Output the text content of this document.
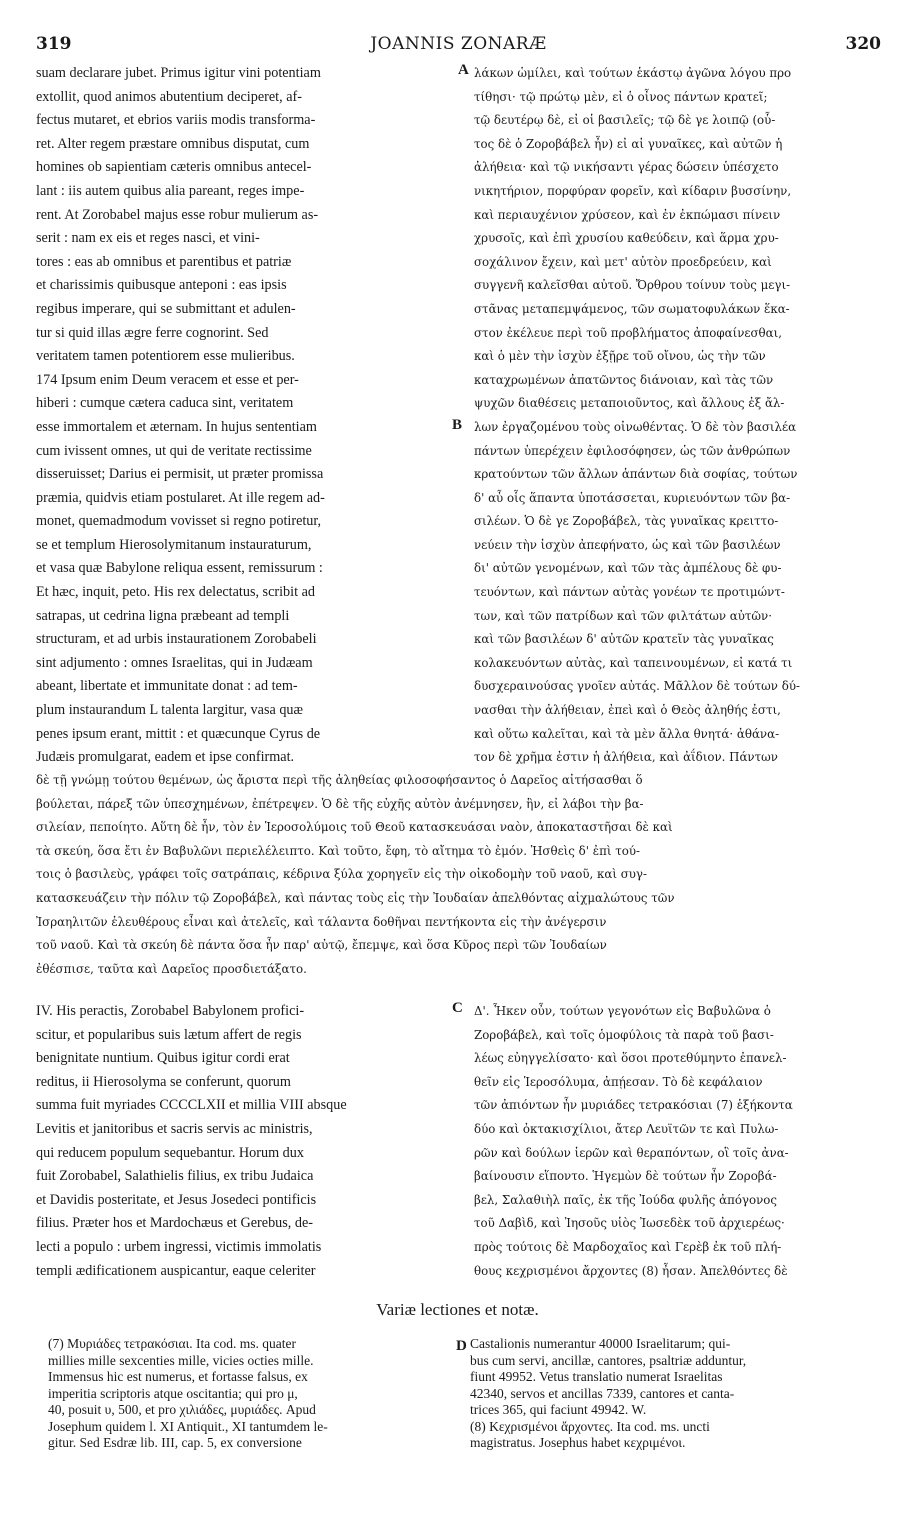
319	JOANNIS ZONARÆ	320
A
B
C
D
suam declarare jubet. Primus igitur vini potentiam
extollit, quod animos abutentium deciperet, af-
fectus mutaret, et ebrios variis modis transforma-
ret. Alter regem præstare omnibus disputat, cum
homines ob sapientiam cæteris omnibus antecel-
lant : iis autem quibus alia pareant, reges impe-
rent. At Zorobabel majus esse robur mulierum as-
serit : nam ex eis et reges nasci, et vini-
tores : eas ab omnibus et parentibus et patriæ
et charissimis quibusque anteponi : eas ipsis
regibus imperare, qui se submittant et adulen-
tur si quid illas ægre ferre cognorint. Sed
veritatem tamen potentiorem esse mulieribus.
174 Ipsum enim Deum veracem et esse et per-
hiberi : cumque cætera caduca sint, veritatem
esse immortalem et æternam. In hujus sententiam
cum ivissent omnes, ut qui de veritate rectissime
disseruisset; Darius ei permisit, ut præter promissa
præmia, quidvis etiam postularet. At ille regem ad-
monet, quemadmodum vovisset si regno potiretur,
se et templum Hierosolymitanum instauraturum,
et vasa quæ Babylone reliqua essent, remissurum :
Et hæc, inquit, peto. His rex delectatus, scribit ad
satrapas, ut cedrina ligna præbeant ad templi
structuram, et ad urbis instaurationem Zorobabeli
sint adjumento : omnes Israelitas, qui in Judæam
abeant, libertate et immunitate donat : ad tem-
plum instaurandum L talenta largitur, vasa quæ
penes ipsum erant, mittit : et quæcunque Cyrus de
Judæis promulgarat, eadem et ipse confirmat.
λάκων ὡμίλει, καὶ τούτων ἑκάστῳ ἀγῶνα λόγου προ
τίθησι· τῷ πρώτῳ μὲν, εἰ ὁ οἶνος πάντων κρατεῖ;
τῷ δευτέρῳ δὲ, εἰ οἱ βασιλεῖς; τῷ δὲ γε λοιπῷ (οὗ-
τος δὲ ὁ Ζοροβάβελ ἦν) εἰ αἱ γυναῖκες, καὶ αὐτῶν ἡ
ἀλήθεια· καὶ τῷ νικήσαντι γέρας δώσειν ὑπέσχετο
νικητήριον, πορφύραν φορεῖν, καὶ κίδαριν βυσσίνην,
καὶ περιαυχένιον χρύσεον, καὶ ἐν ἐκπώμασι πίνειν
χρυσοῖς, καὶ ἐπὶ χρυσίου καθεύδειν, καὶ ἅρμα χρυ-
σοχάλινον ἔχειν, καὶ μετ' αὐτὸν προεδρεύειν, καὶ
συγγενῆ καλεῖσθαι αὐτοῦ. Ὄρθρου τοίνυν τοὺς μεγι-
στᾶνας μεταπεμψάμενος, τῶν σωματοφυλάκων ἕκα-
στον ἐκέλευε περὶ τοῦ προβλήματος ἀποφαίνεσθαι,
καὶ ὁ μὲν τὴν ἰσχὺν ἐξῇρε τοῦ οἴνου, ὡς τὴν τῶν
καταχρωμένων ἀπατῶντος διάνοιαν, καὶ τὰς τῶν
ψυχῶν διαθέσεις μεταποιοῦντος, καὶ ἄλλους ἐξ ἄλ-
λων ἐργαζομένου τοὺς οἰνωθέντας. Ὁ δὲ τὸν βασιλέα
πάντων ὑπερέχειν ἐφιλοσόφησεν, ὡς τῶν ἀνθρώπων
κρατούντων τῶν ἄλλων ἁπάντων διὰ σοφίας, τούτων
δ' αὖ οἷς ἅπαντα ὑποτάσσεται, κυριευόντων τῶν βα-
σιλέων. Ὁ δὲ γε Ζοροβάβελ, τὰς γυναῖκας κρειττο-
νεύειν τὴν ἰσχὺν ἀπεφήνατο, ὡς καὶ τῶν βασιλέων
δι' αὐτῶν γενομένων, καὶ τῶν τὰς ἀμπέλους δὲ φυ-
τευόντων, καὶ πάντων αὐτὰς γονέων τε προτιμώντ-
των, καὶ τῶν πατρίδων καὶ τῶν φιλτάτων αὐτῶν·
καὶ τῶν βασιλέων δ' αὐτῶν κρατεῖν τὰς γυναῖκας
κολακευόντων αὐτὰς, καὶ ταπεινουμένων, εἰ κατά τι
δυσχεραινούσας γνοῖεν αὐτάς. Μᾶλλον δὲ τούτων δύ-
νασθαι τὴν ἀλήθειαν, ἐπεὶ καὶ ὁ Θεὸς ἀληθής ἐστι,
καὶ οὕτω καλεῖται, καὶ τὰ μὲν ἄλλα θνητά· ἀθάνα-
τον δὲ χρῆμα ἐστιν ἡ ἀλήθεια, καὶ ἀΐδιον. Πάντων
δὲ τῇ γνώμῃ τούτου θεμένων, ὡς ἄριστα περὶ τῆς ἀληθείας φιλοσοφήσαντος ὁ Δαρεῖος αἰτήσασθαι ὅ
βούλεται, πάρεξ τῶν ὑπεσχημένων, ἐπέτρεψεν. Ὁ δὲ τῆς εὐχῆς αὐτὸν ἀνέμνησεν, ἣν, εἰ λάβοι τὴν βα-
σιλείαν, πεποίητο. Αὕτη δὲ ἦν, τὸν ἐν Ἱεροσολύμοις τοῦ Θεοῦ κατασκευάσαι ναὸν, ἀποκαταστῆσαι δὲ καὶ
τὰ σκεύη, ὅσα ἔτι ἐν Βαβυλῶνι περιελέλειπτο. Καὶ τοῦτο, ἔφη, τὸ αἴτημα τὸ ἐμόν. Ἡσθεὶς δ' ἐπὶ τού-
τοις ὁ βασιλεὺς, γράφει τοῖς σατράπαις, κέδρινα ξύλα χορηγεῖν εἰς τὴν οἰκοδομὴν τοῦ ναοῦ, καὶ συγ-
κατασκευάζειν τὴν πόλιν τῷ Ζοροβάβελ, καὶ πάντας τοὺς εἰς τὴν Ἰουδαίαν ἀπελθόντας αἰχμαλώτους τῶν
Ἰσραηλιτῶν ἐλευθέρους εἶναι καὶ ἀτελεῖς, καὶ τάλαντα δοθῆναι πεντήκοντα εἰς τὴν ἀνέγερσιν
τοῦ ναοῦ. Καὶ τὰ σκεύη δὲ πάντα ὅσα ἦν παρ' αὐτῷ, ἔπεμψε, καὶ ὅσα Κῦρος περὶ τῶν Ἰουδαίων
ἐθέσπισε, ταῦτα καὶ Δαρεῖος προσδιετάξατο.
IV. His peractis, Zorobabel Babylonem profici-
scitur, et popularibus suis lætum affert de regis
benignitate nuntium. Quibus igitur cordi erat
reditus, ii Hierosolyma se conferunt, quorum
summa fuit myriades CCCCLXII et millia VIII absque
Levitis et janitoribus et sacris servis ac ministris,
qui reducem populum sequebantur. Horum dux
fuit Zorobabel, Salathielis filius, ex tribu Judaica
et Davidis posteritate, et Jesus Josedeci pontificis
filius. Præter hos et Mardochæus et Gerebus, de-
lecti a populo : urbem ingressi, victimis immolatis
templi ædificationem auspicantur, eaque celeriter
Δ'. Ἧκεν οὖν, τούτων γεγονότων εἰς Βαβυλῶνα ὁ
Ζοροβάβελ, καὶ τοῖς ὁμοφύλοις τὰ παρὰ τοῦ βασι-
λέως εὐηγγελίσατο· καὶ ὅσοι προτεθύμηντο ἐπανελ-
θεῖν εἰς Ἱεροσόλυμα, ἀπῄεσαν. Τὸ δὲ κεφάλαιον
τῶν ἀπιόντων ἦν μυριάδες τετρακόσιαι (7) ἑξήκοντα
δύο καὶ ὀκτακισχίλιοι, ἄτερ Λευϊτῶν τε καὶ Πυλω-
ρῶν καὶ δούλων ἱερῶν καὶ θεραπόντων, οἳ τοῖς ἀνα-
βαίνουσιν εἵποντο. Ἡγεμὼν δὲ τούτων ἦν Ζοροβά-
βελ, Σαλαθιὴλ παῖς, ἐκ τῆς Ἰούδα φυλῆς ἀπόγονος
τοῦ Δαβὶδ, καὶ Ἰησοῦς υἱὸς Ἰωσεδὲκ τοῦ ἀρχιερέως·
πρὸς τούτοις δὲ Μαρδοχαῖος καὶ Γερὲβ ἐκ τοῦ πλή-
θους κεχρισμένοι ἄρχοντες (8) ἦσαν. Ἀπελθόντες δὲ
Variæ lectiones et notæ.
(7) Μυριάδες τετρακόσιαι. Ita cod. ms. quater
millies mille sexcenties mille, vicies octies mille.
Immensus hic est numerus, et fortasse falsus, ex
imperitia scriptoris atque oscitantia; qui pro μ,
40, posuit υ, 500, et pro χιλιάδες, μυριάδες. Apud
Josephum quidem l. XI Antiquit., XI tantumdem le-
gitur. Sed Esdræ lib. III, cap. 5, ex conversione
Castalionis numerantur 40000 Israelitarum; qui-
bus cum servi, ancillæ, cantores, psaltriæ adduntur,
fiunt 49952. Vetus translatio numerat Israelitas
42340, servos et ancillas 7339, cantores et canta-
trices 365, qui faciunt 49942. W.
(8) Κεχρισμένοι ἄρχοντες. Ita cod. ms. uncti
magistratus. Josephus habet κεχριμένοι.
